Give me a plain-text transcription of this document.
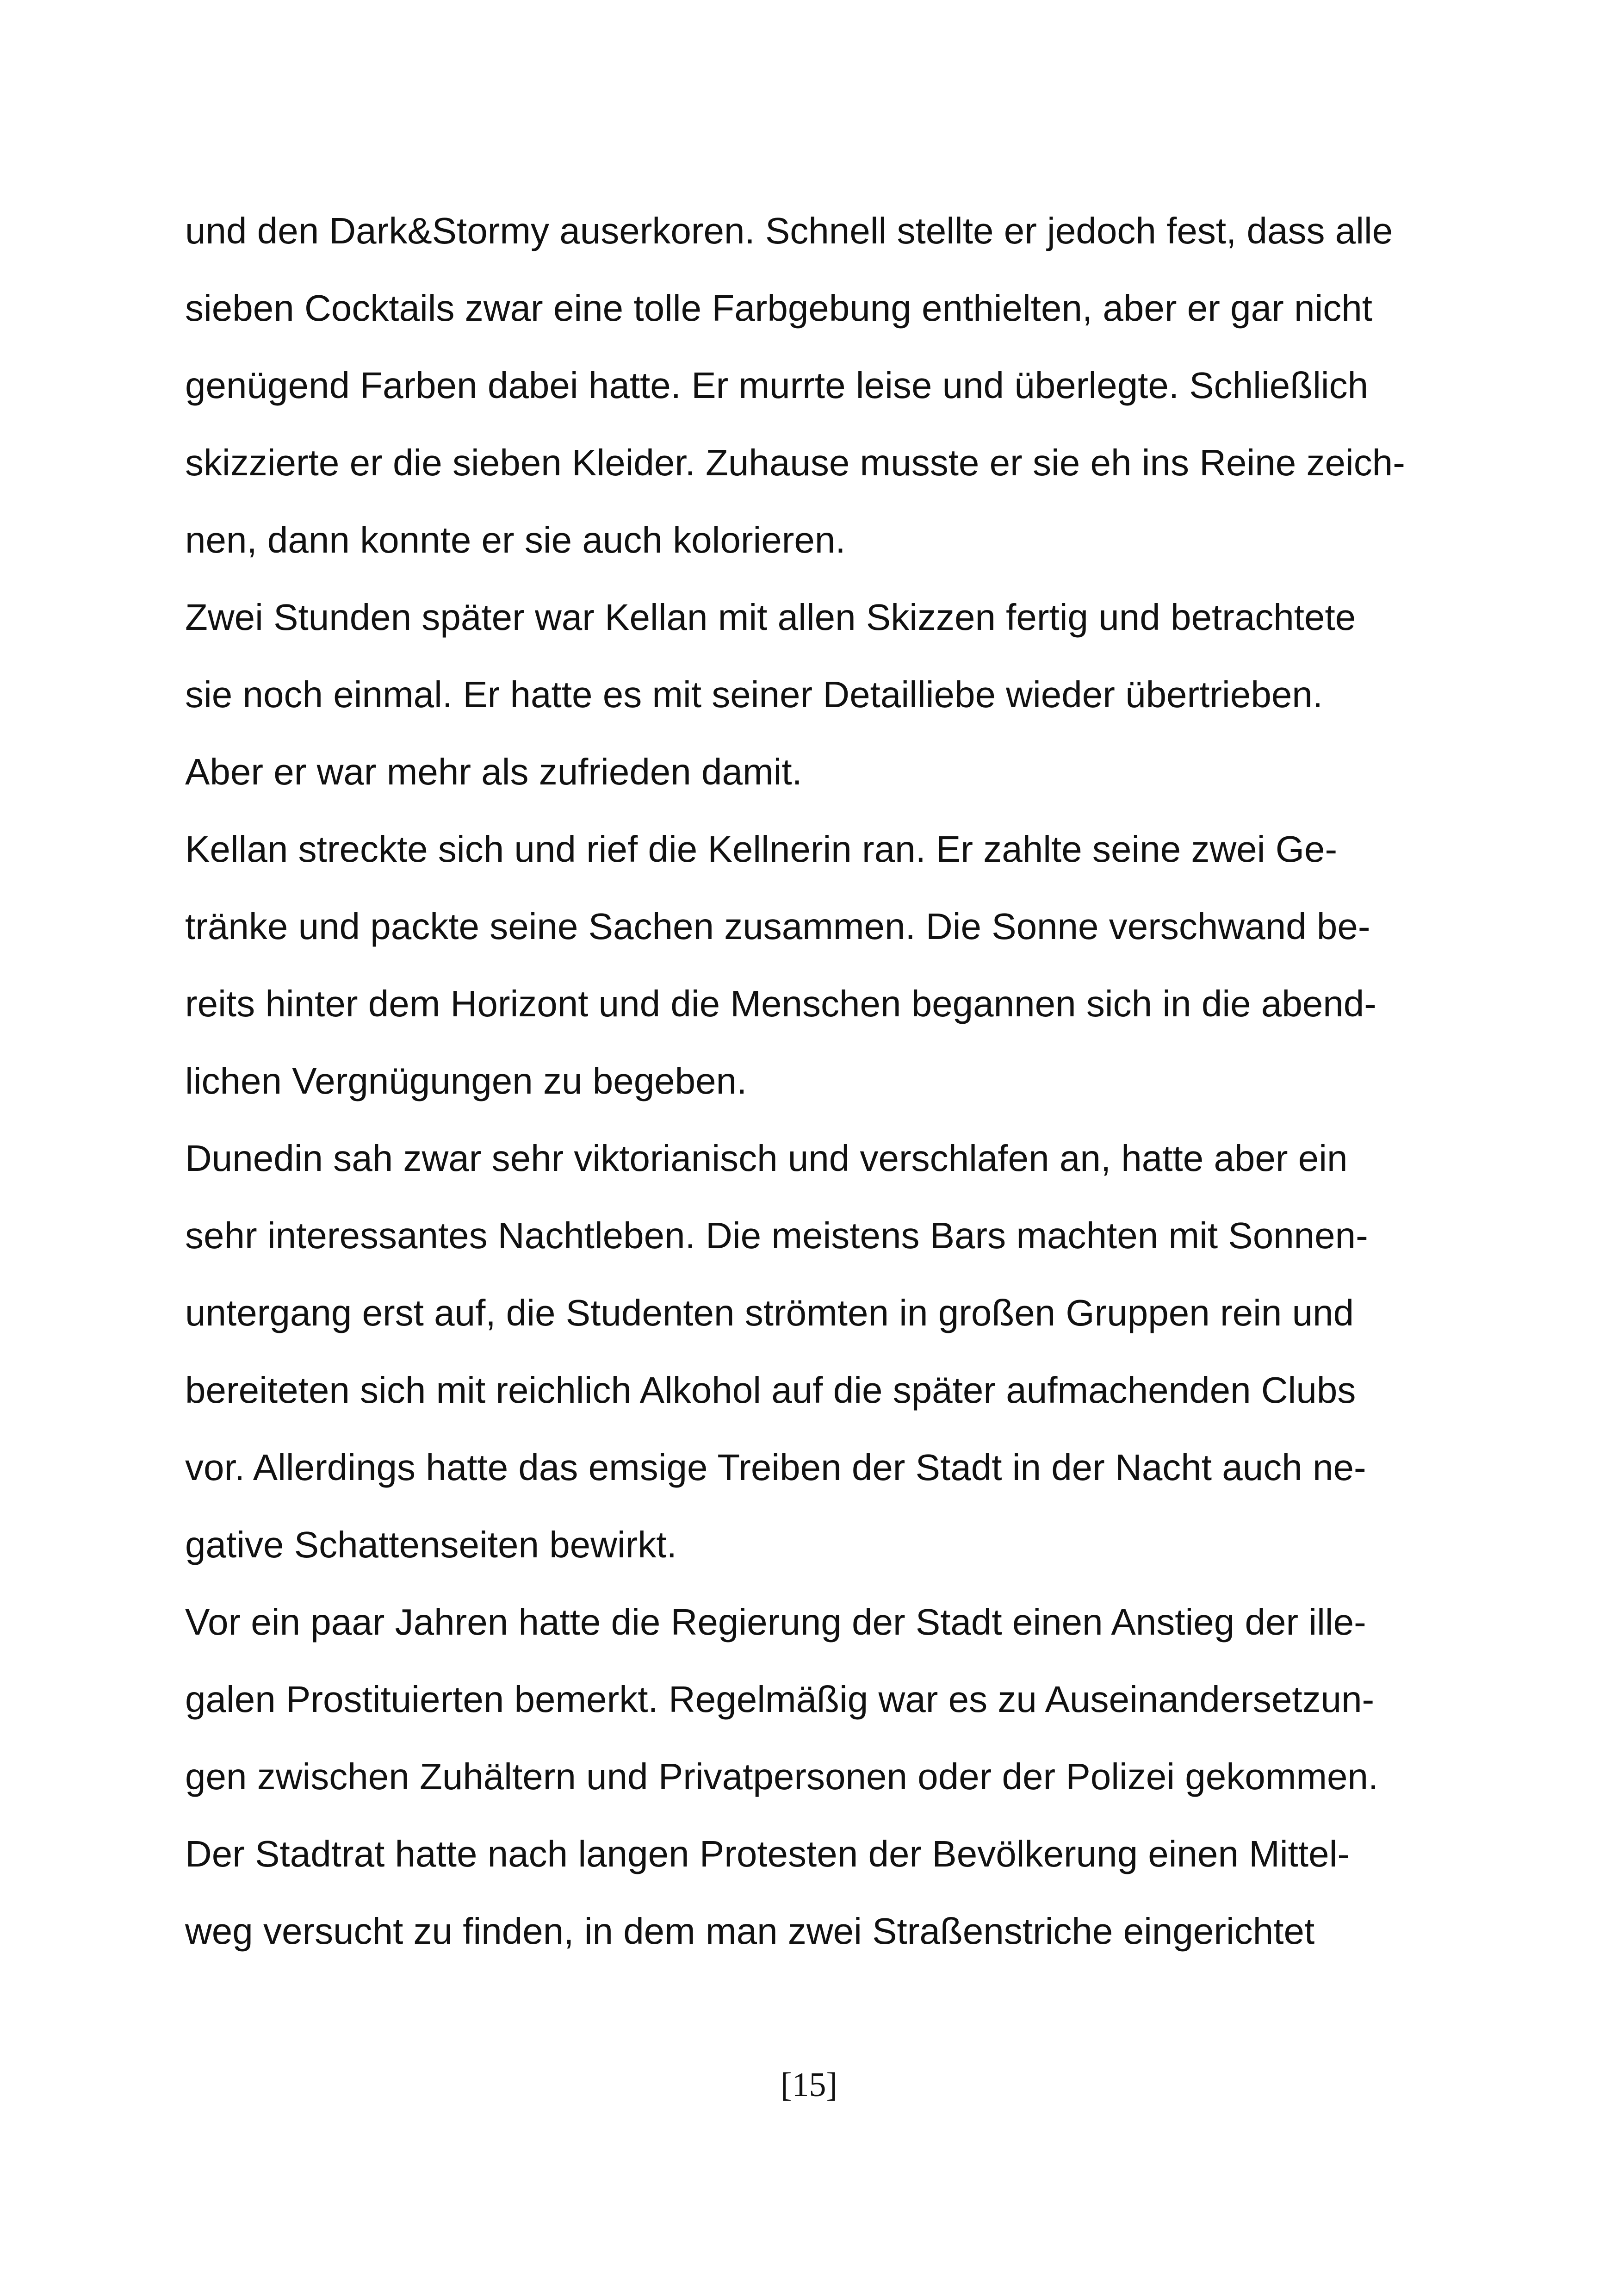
und den Dark&Stormy auserkoren. Schnell stellte er jedoch fest, dass alle
sieben Cocktails zwar eine tolle Farbgebung enthielten, aber er gar nicht
genügend Farben dabei hatte. Er murrte leise und überlegte. Schließlich
skizzierte er die sieben Kleider. Zuhause musste er sie eh ins Reine zeich-
nen, dann konnte er sie auch kolorieren.
Zwei Stunden später war Kellan mit allen Skizzen fertig und betrachtete
sie noch einmal. Er hatte es mit seiner Detailliebe wieder übertrieben.
Aber er war mehr als zufrieden damit.
Kellan streckte sich und rief die Kellnerin ran. Er zahlte seine zwei Ge-
tränke und packte seine Sachen zusammen. Die Sonne verschwand be-
reits hinter dem Horizont und die Menschen begannen sich in die abend-
lichen Vergnügungen zu begeben.
Dunedin sah zwar sehr viktorianisch und verschlafen an, hatte aber ein
sehr interessantes Nachtleben. Die meistens Bars machten mit Sonnen-
untergang erst auf, die Studenten strömten in großen Gruppen rein und
bereiteten sich mit reichlich Alkohol auf die später aufmachenden Clubs
vor. Allerdings hatte das emsige Treiben der Stadt in der Nacht auch ne-
gative Schattenseiten bewirkt.
Vor ein paar Jahren hatte die Regierung der Stadt einen Anstieg der ille-
galen Prostituierten bemerkt. Regelmäßig war es zu Auseinandersetzun-
gen zwischen Zuhältern und Privatpersonen oder der Polizei gekommen.
Der Stadtrat hatte nach langen Protesten der Bevölkerung einen Mittel-
weg versucht zu finden, in dem man zwei Straßenstriche eingerichtet
[15]
